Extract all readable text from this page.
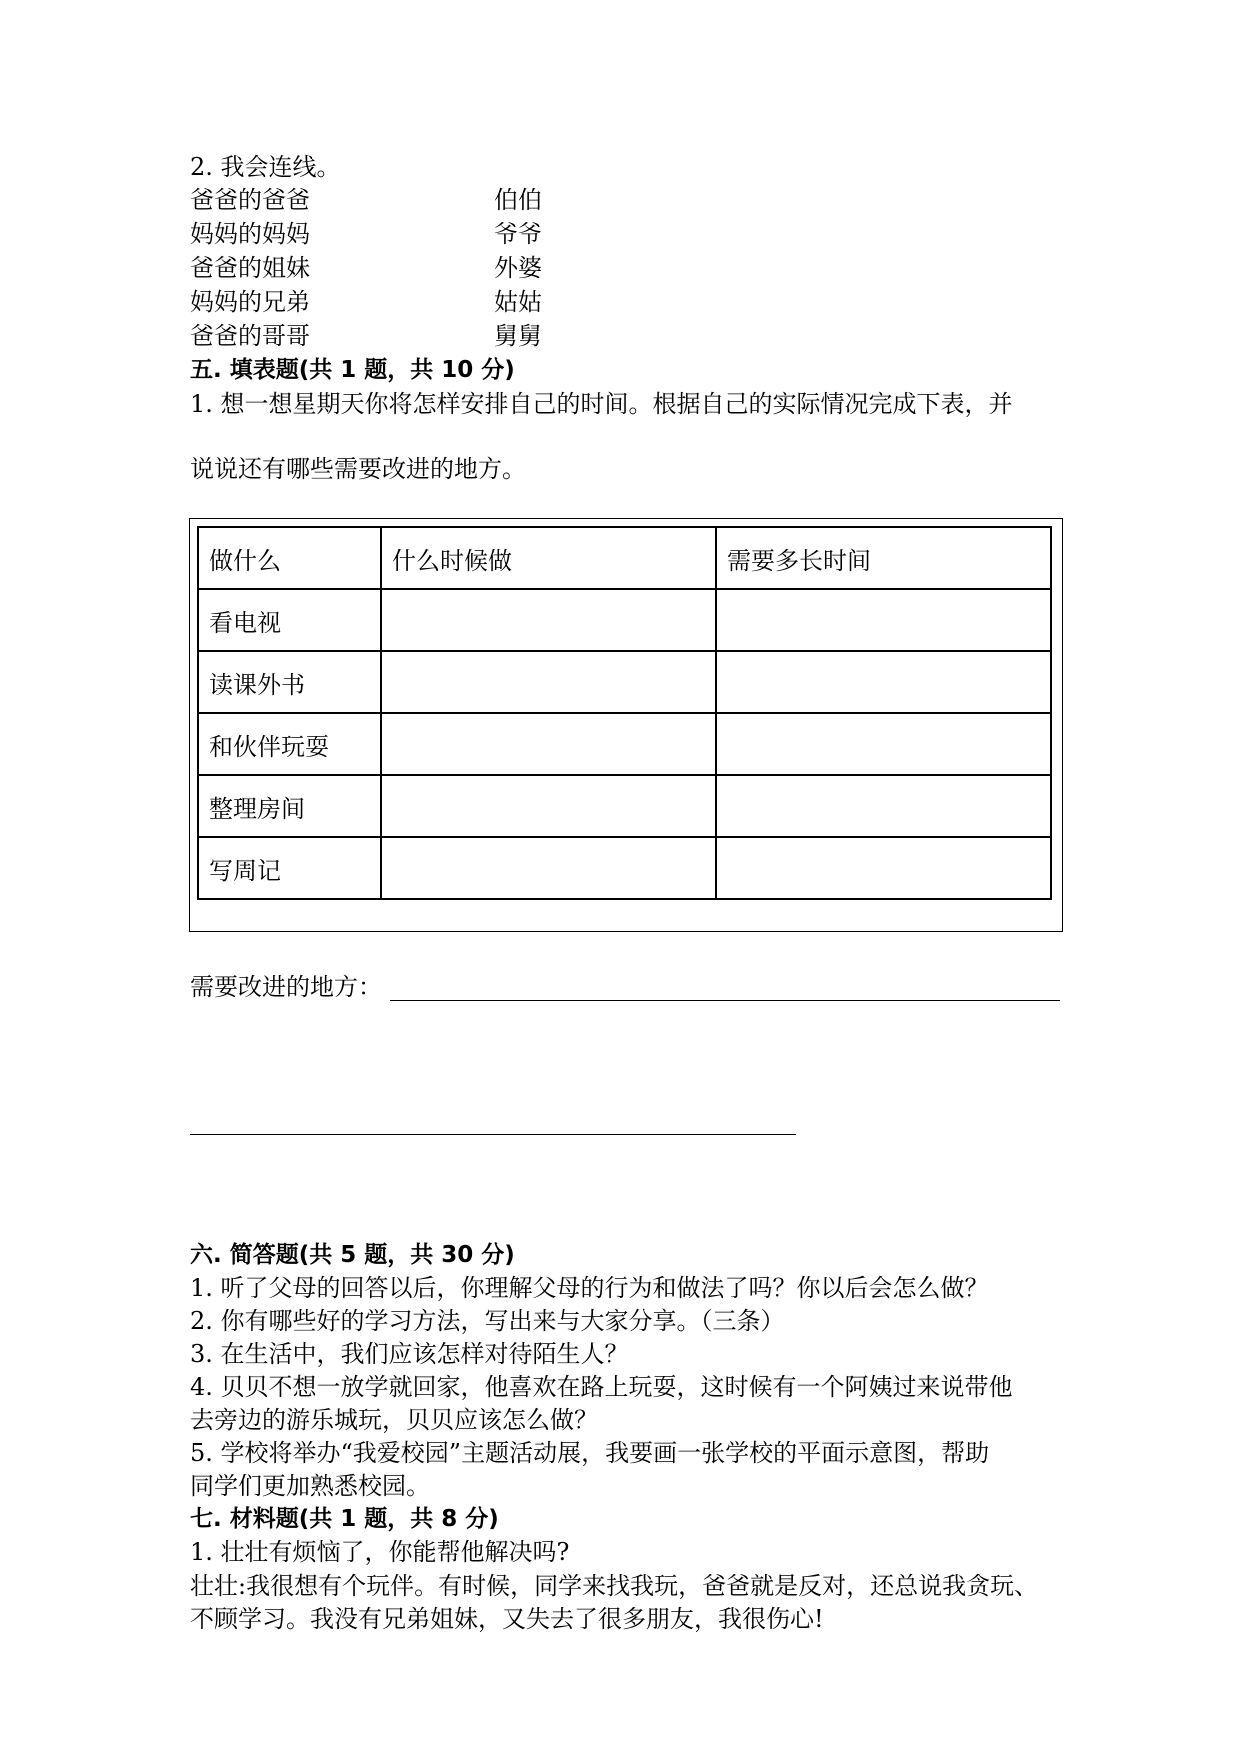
2. 我会连线。
爸爸的爸爸	伯伯
妈妈的妈妈	爷爷
爸爸的姐妹	外婆
妈妈的兄弟	姑姑
爸爸的哥哥	舅舅
五. 填表题(共 1 题，共 10 分)
1. 想一想星期天你将怎样安排自己的时间。根据自己的实际情况完成下表，并
说说还有哪些需要改进的地方。
做什么	什么时候做	需要多长时间
看电视		
读课外书		
和伙伴玩耍		
整理房间		
写周记		
需要改进的地方：
六. 简答题(共 5 题，共 30 分)
1. 听了父母的回答以后，你理解父母的行为和做法了吗？你以后会怎么做？
2. 你有哪些好的学习方法，写出来与大家分享。（三条）
3. 在生活中，我们应该怎样对待陌生人？
4. 贝贝不想一放学就回家，他喜欢在路上玩耍，这时候有一个阿姨过来说带他
去旁边的游乐城玩，贝贝应该怎么做？
5. 学校将举办“我爱校园”主题活动展，我要画一张学校的平面示意图，帮助
同学们更加熟悉校园。
七. 材料题(共 1 题，共 8 分)
1. 壮壮有烦恼了，你能帮他解决吗?
壮壮:我很想有个玩伴。有时候，同学来找我玩，爸爸就是反对，还总说我贪玩、
不顾学习。我没有兄弟姐妹，又失去了很多朋友，我很伤心!
